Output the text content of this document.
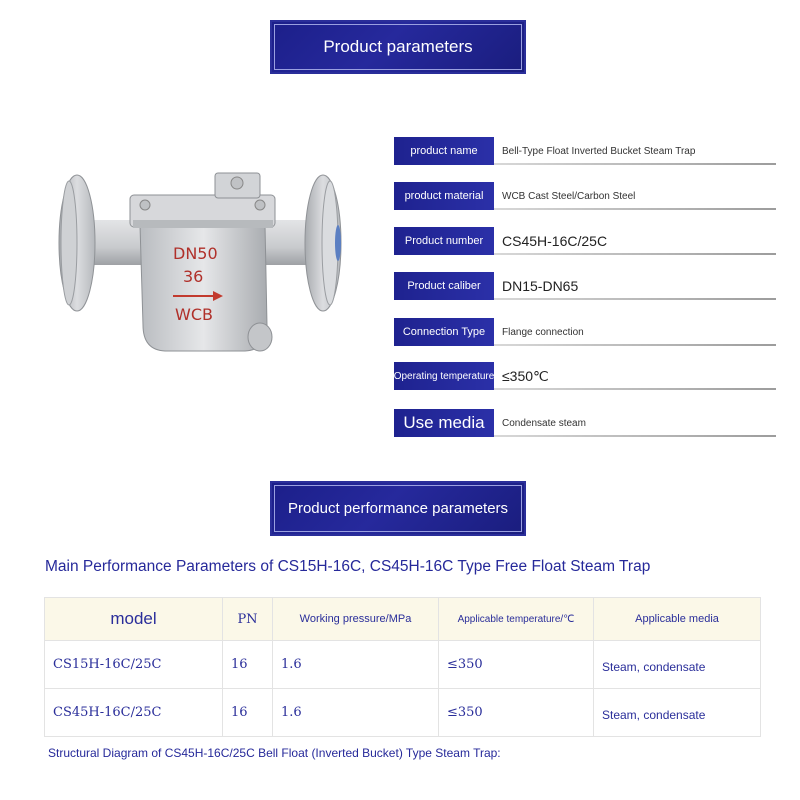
Product parameters
DN50
36
WCB
product name	Bell-Type Float Inverted Bucket Steam Trap
product material	WCB Cast Steel/Carbon Steel
Product number	CS45H-16C/25C
Product caliber	DN15-DN65
Connection Type	Flange connection
Operating temperature ≤350℃
Use media	Condensate steam
Product performance parameters
Main Performance Parameters of CS15H-16C, CS45H-16C Type Free Float Steam Trap
model	PN	Working pressure/MPa	Applicable temperature/℃	Applicable media
CS15H-16C/25C	16	1.6	≤350	Steam, condensate
CS45H-16C/25C	16	1.6	≤350	Steam, condensate
Structural Diagram of CS45H-16C/25C Bell Float (Inverted Bucket) Type Steam Trap:
